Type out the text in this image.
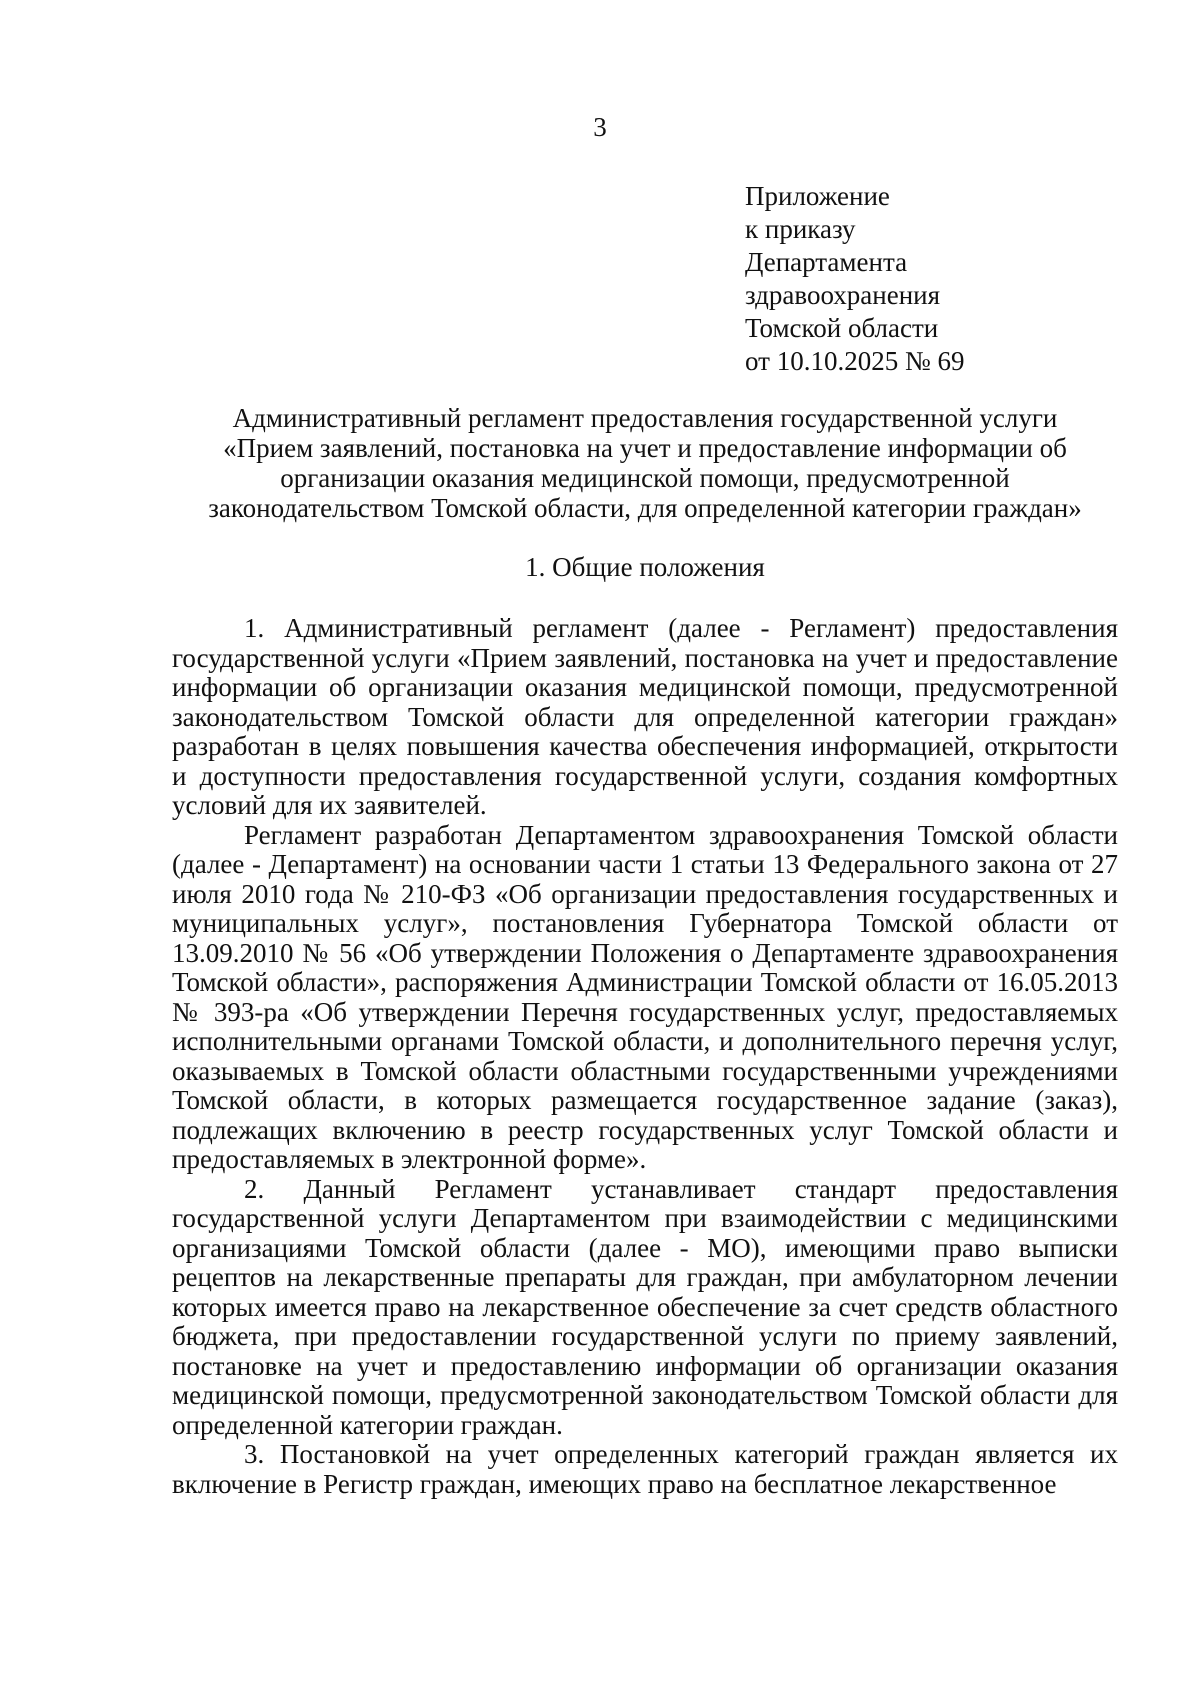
3
Приложение
к приказу
Департамента
здравоохранения
Томской области
от 10.10.2025 № 69
Административный регламент предоставления государственной услуги
«Прием заявлений, постановка на учет и предоставление информации об
организации оказания медицинской помощи, предусмотренной
законодательством Томской области, для определенной категории граждан»
1. Общие положения

1. Административный регламент (далее - Регламент) предоставления государственной услуги «Прием заявлений, постановка на учет и предоставление информации об организации оказания медицинской помощи, предусмотренной законодательством Томской области для определенной категории граждан» разработан в целях повышения качества обеспечения информацией, открытости и доступности предоставления государственной услуги, создания комфортных условий для их заявителей.

Регламент разработан Департаментом здравоохранения Томской области (далее - Департамент) на основании части 1 статьи 13 Федерального закона от 27 июля 2010 года № 210-ФЗ «Об организации предоставления государственных и муниципальных услуг», постановления Губернатора Томской области от 13.09.2010 № 56 «Об утверждении Положения о Департаменте здравоохранения Томской области», распоряжения Администрации Томской области от 16.05.2013 № 393-ра «Об утверждении Перечня государственных услуг, предоставляемых исполнительными органами Томской области, и дополнительного перечня услуг, оказываемых в Томской области областными государственными учреждениями Томской области, в которых размещается государственное задание (заказ), подлежащих включению в реестр государственных услуг Томской области и предоставляемых в электронной форме».

2. Данный Регламент устанавливает стандарт предоставления государственной услуги Департаментом при взаимодействии с медицинскими организациями Томской области (далее - МО), имеющими право выписки рецептов на лекарственные препараты для граждан, при амбулаторном лечении которых имеется право на лекарственное обеспечение за счет средств областного бюджета, при предоставлении государственной услуги по приему заявлений, постановке на учет и предоставлению информации об организации оказания медицинской помощи, предусмотренной законодательством Томской области для определенной категории граждан.

3. Постановкой на учет определенных категорий граждан является их включение в Регистр граждан, имеющих право на бесплатное лекарственное
